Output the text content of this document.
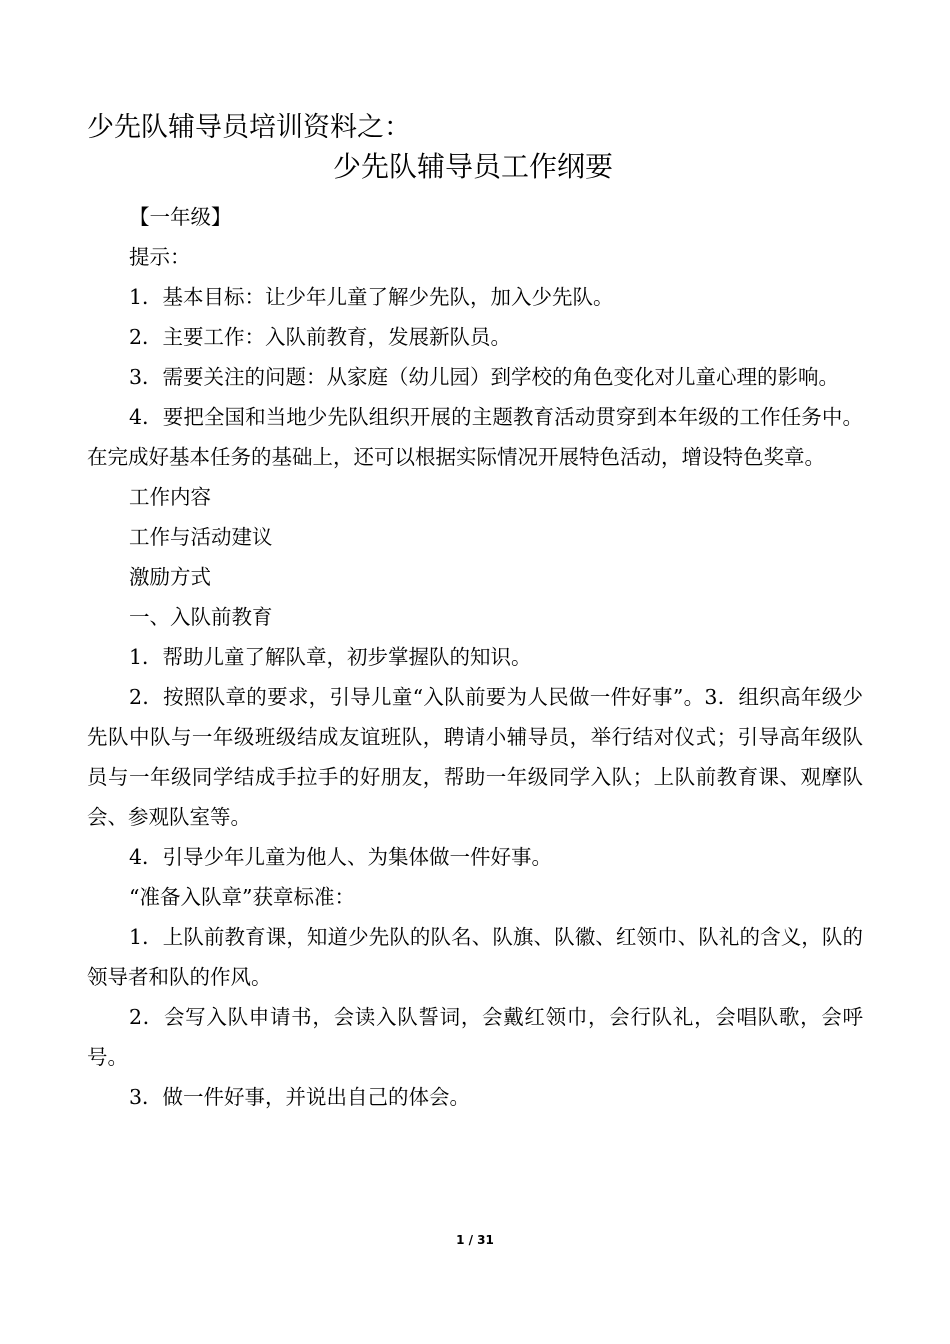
少先队辅导员培训资料之：
少先队辅导员工作纲要

【一年级】

提示：

1．基本目标：让少年儿童了解少先队，加入少先队。

2．主要工作：入队前教育，发展新队员。

3．需要关注的问题：从家庭（幼儿园）到学校的角色变化对儿童心理的影响。

4．要把全国和当地少先队组织开展的主题教育活动贯穿到本年级的工作任务中。在完成好基本任务的基础上，还可以根据实际情况开展特色活动，增设特色奖章。

工作内容

工作与活动建议

激励方式

一、入队前教育

1．帮助儿童了解队章，初步掌握队的知识。

2．按照队章的要求，引导儿童“入队前要为人民做一件好事”。3．组织高年级少先队中队与一年级班级结成友谊班队，聘请小辅导员，举行结对仪式；引导高年级队员与一年级同学结成手拉手的好朋友，帮助一年级同学入队；上队前教育课、观摩队会、参观队室等。

4．引导少年儿童为他人、为集体做一件好事。

“准备入队章”获章标准：

1．上队前教育课，知道少先队的队名、队旗、队徽、红领巾、队礼的含义，队的领导者和队的作风。

2．会写入队申请书，会读入队誓词，会戴红领巾，会行队礼，会唱队歌，会呼号。

3．做一件好事，并说出自己的体会。

1 / 31
